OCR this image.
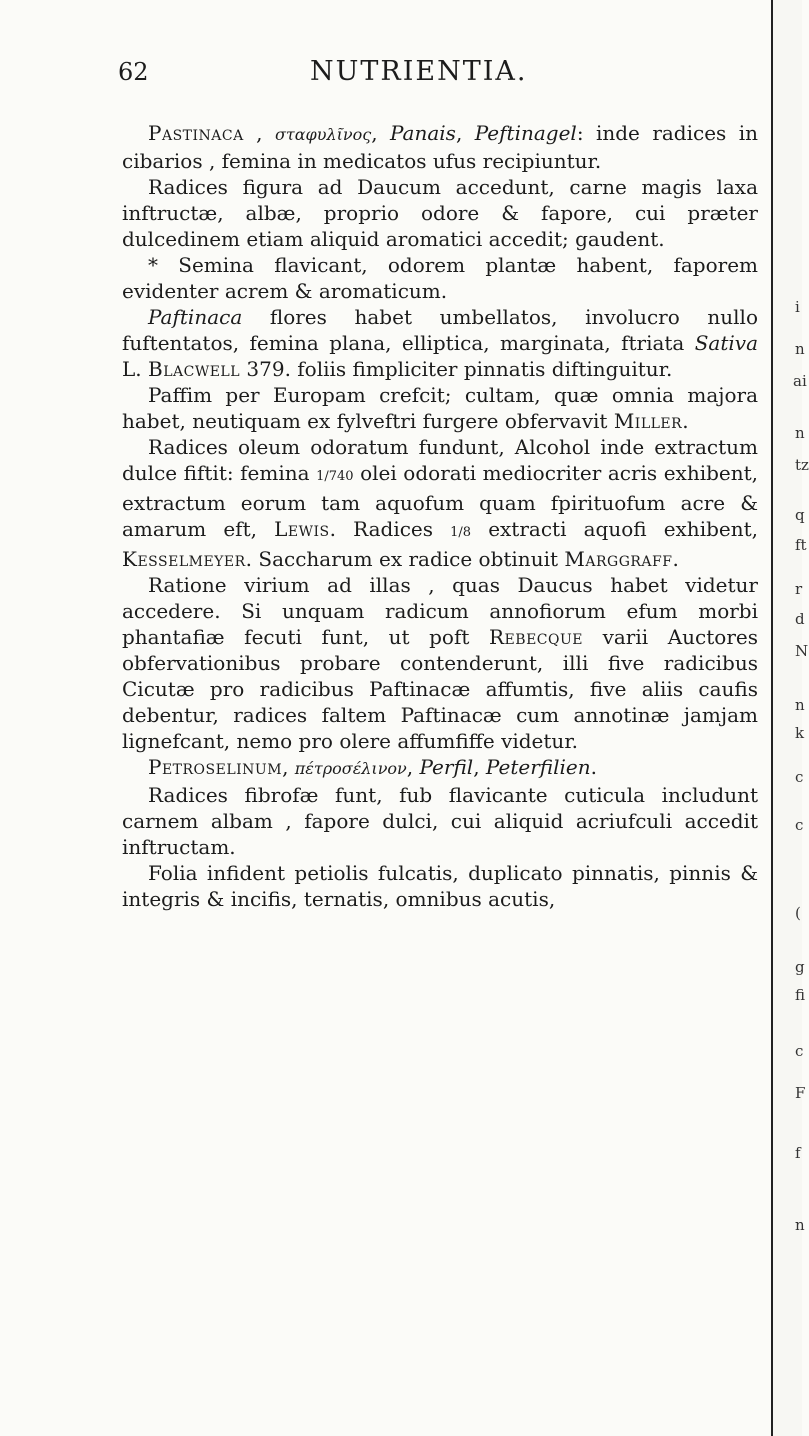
62	NUTRIENTIA.

Pastinaca , σταφυλῖνος, Panais, Peftinagel: inde radices in cibarios , femina in medicatos ufus recipiuntur.

Radices figura ad Daucum accedunt, carne magis laxa inftructæ, albæ, proprio odore & fapore, cui præter dulcedinem etiam aliquid aromatici accedit; gaudent.

* Semina flavicant, odorem plantæ habent, faporem evidenter acrem & aromaticum.

Paftinaca flores habet umbellatos, involucro nullo fuftentatos, femina plana, elliptica, marginata, ftriata Sativa L. Blacwell 379. foliis fimpliciter pinnatis diftinguitur.

Paffim per Europam crefcit; cultam, quæ omnia majora habet, neutiquam ex fylveftri furgere obfervavit Miller.

Radices oleum odoratum fundunt, Alcohol inde extractum dulce fiftit: femina 1/740 olei odorati mediocriter acris exhibent, extractum eorum tam aquofum quam fpirituofum acre & amarum eft, Lewis. Radices 1/8 extracti aquofi exhibent, Kesselmeyer. Saccharum ex radice obtinuit Marggraff.

Ratione virium ad illas , quas Daucus habet videtur accedere. Si unquam radicum annofiorum efum morbi phantafiæ fecuti funt, ut poft Rebecque varii Auctores obfervationibus probare contenderunt, illi five radicibus Cicutæ pro radicibus Paftinacæ affumtis, five aliis caufis debentur, radices faltem Paftinacæ cum annotinæ jamjam lignefcant, nemo pro olere affumfiffe videtur.

Petroselinum, πέτροσέλινον, Perfil, Peterfilien.

Radices fibrofæ funt, fub flavicante cuticula includunt carnem albam , fapore dulci, cui aliquid acriufculi accedit inftructam.

Folia infident petiolis fulcatis, duplicato pinnatis, pinnis & integris & incifis, ternatis, omnibus acutis,

i
n
ai
n
tz
q
ft
r
d
N
n
k
c
c
(
g
fi
c
F
f
n
